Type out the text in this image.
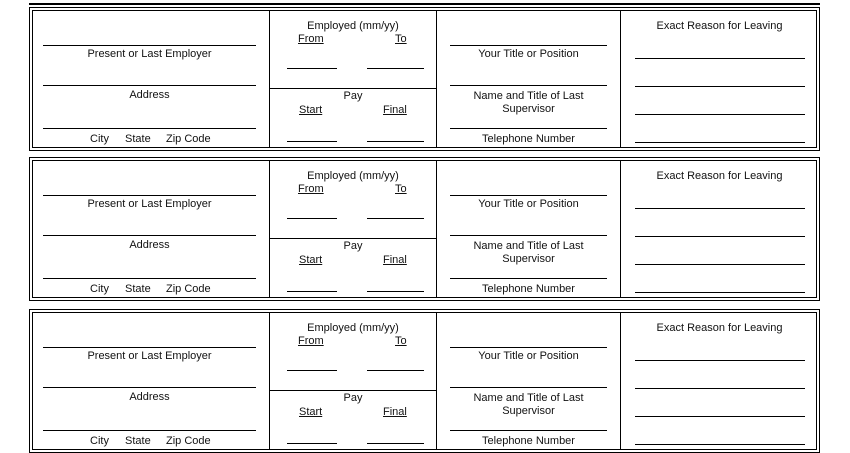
Present or Last Employer
Address
City State Zip Code
Employed (mm/yy)
From	To
Pay
Start	Final
Your Title or Position
Name and Title of Last
Supervisor
Telephone Number
Exact Reason for Leaving
Present or Last Employer
Address
City State Zip Code
Employed (mm/yy)
From	To
Pay
Start	Final
Your Title or Position
Name and Title of Last
Supervisor
Telephone Number
Exact Reason for Leaving
Present or Last Employer
Address
City State Zip Code
Employed (mm/yy)
From	To
Pay
Start	Final
Your Title or Position
Name and Title of Last
Supervisor
Telephone Number
Exact Reason for Leaving
